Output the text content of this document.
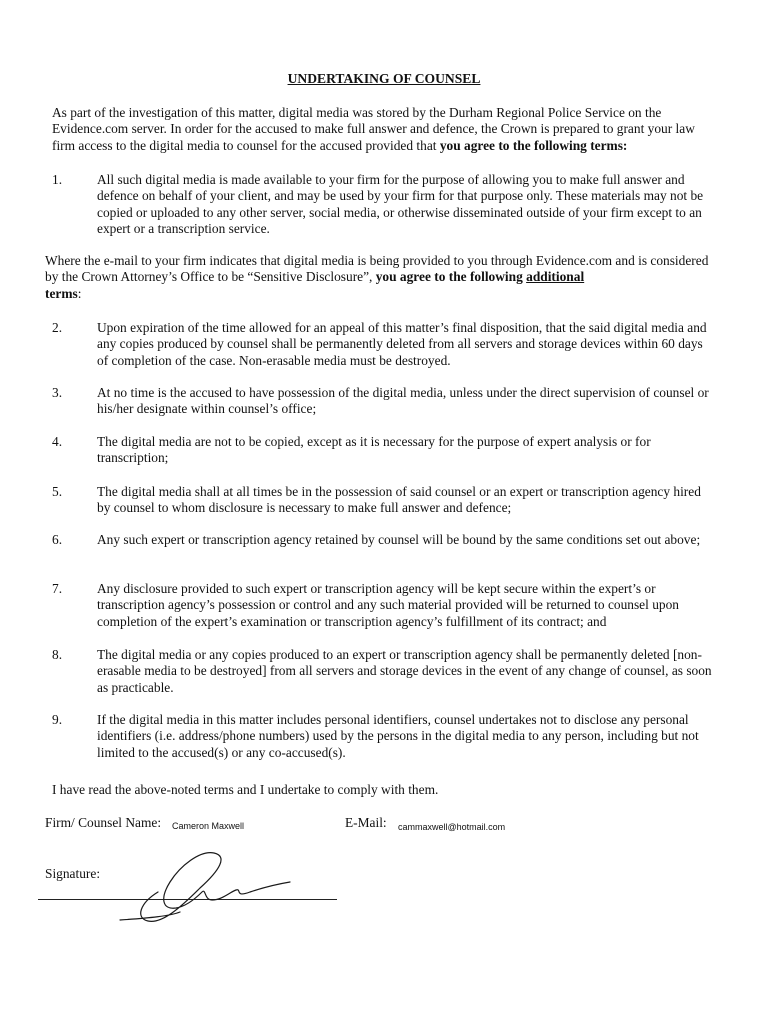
UNDERTAKING OF COUNSEL
As part of the investigation of this matter, digital media was stored by the Durham Regional Police Service on the Evidence.com server. In order for the accused to make full answer and defence, the Crown is prepared to grant your law firm access to the digital media to counsel for the accused provided that you agree to the following terms:
1.	All such digital media is made available to your firm for the purpose of allowing you to make full answer and defence on behalf of your client, and may be used by your firm for that purpose only. These materials may not be copied or uploaded to any other server, social media, or otherwise disseminated outside of your firm except to an expert or a transcription service.
Where the e-mail to your firm indicates that digital media is being provided to you through Evidence.com and is considered by the Crown Attorney’s Office to be “Sensitive Disclosure”, you agree to the following additional
terms:
2.	Upon expiration of the time allowed for an appeal of this matter’s final disposition, that the said digital media and any copies produced by counsel shall be permanently deleted from all servers and storage devices within 60 days of completion of the case. Non-erasable media must be destroyed.
3.	At no time is the accused to have possession of the digital media, unless under the direct supervision of counsel or his/her designate within counsel’s office;
4.	The digital media are not to be copied, except as it is necessary for the purpose of expert analysis or for transcription;
5.	The digital media shall at all times be in the possession of said counsel or an expert or transcription agency hired by counsel to whom disclosure is necessary to make full answer and defence;
6.	Any such expert or transcription agency retained by counsel will be bound by the same conditions set out above;
7.	Any disclosure provided to such expert or transcription agency will be kept secure within the expert’s or transcription agency’s possession or control and any such material provided will be returned to counsel upon completion of the expert’s examination or transcription agency’s fulfillment of its contract; and
8.	The digital media or any copies produced to an expert or transcription agency shall be permanently deleted [non-erasable media to be destroyed] from all servers and storage devices in the event of any change of counsel, as soon as practicable.
9.	If the digital media in this matter includes personal identifiers, counsel undertakes not to disclose any personal identifiers (i.e. address/phone numbers) used by the persons in the digital media to any person, including but not limited to the accused(s) or any co-accused(s).
I have read the above-noted terms and I undertake to comply with them.
Firm/ Counsel Name: Cameron Maxwell	E-Mail: cammaxwell@hotmail.com
Signature:
